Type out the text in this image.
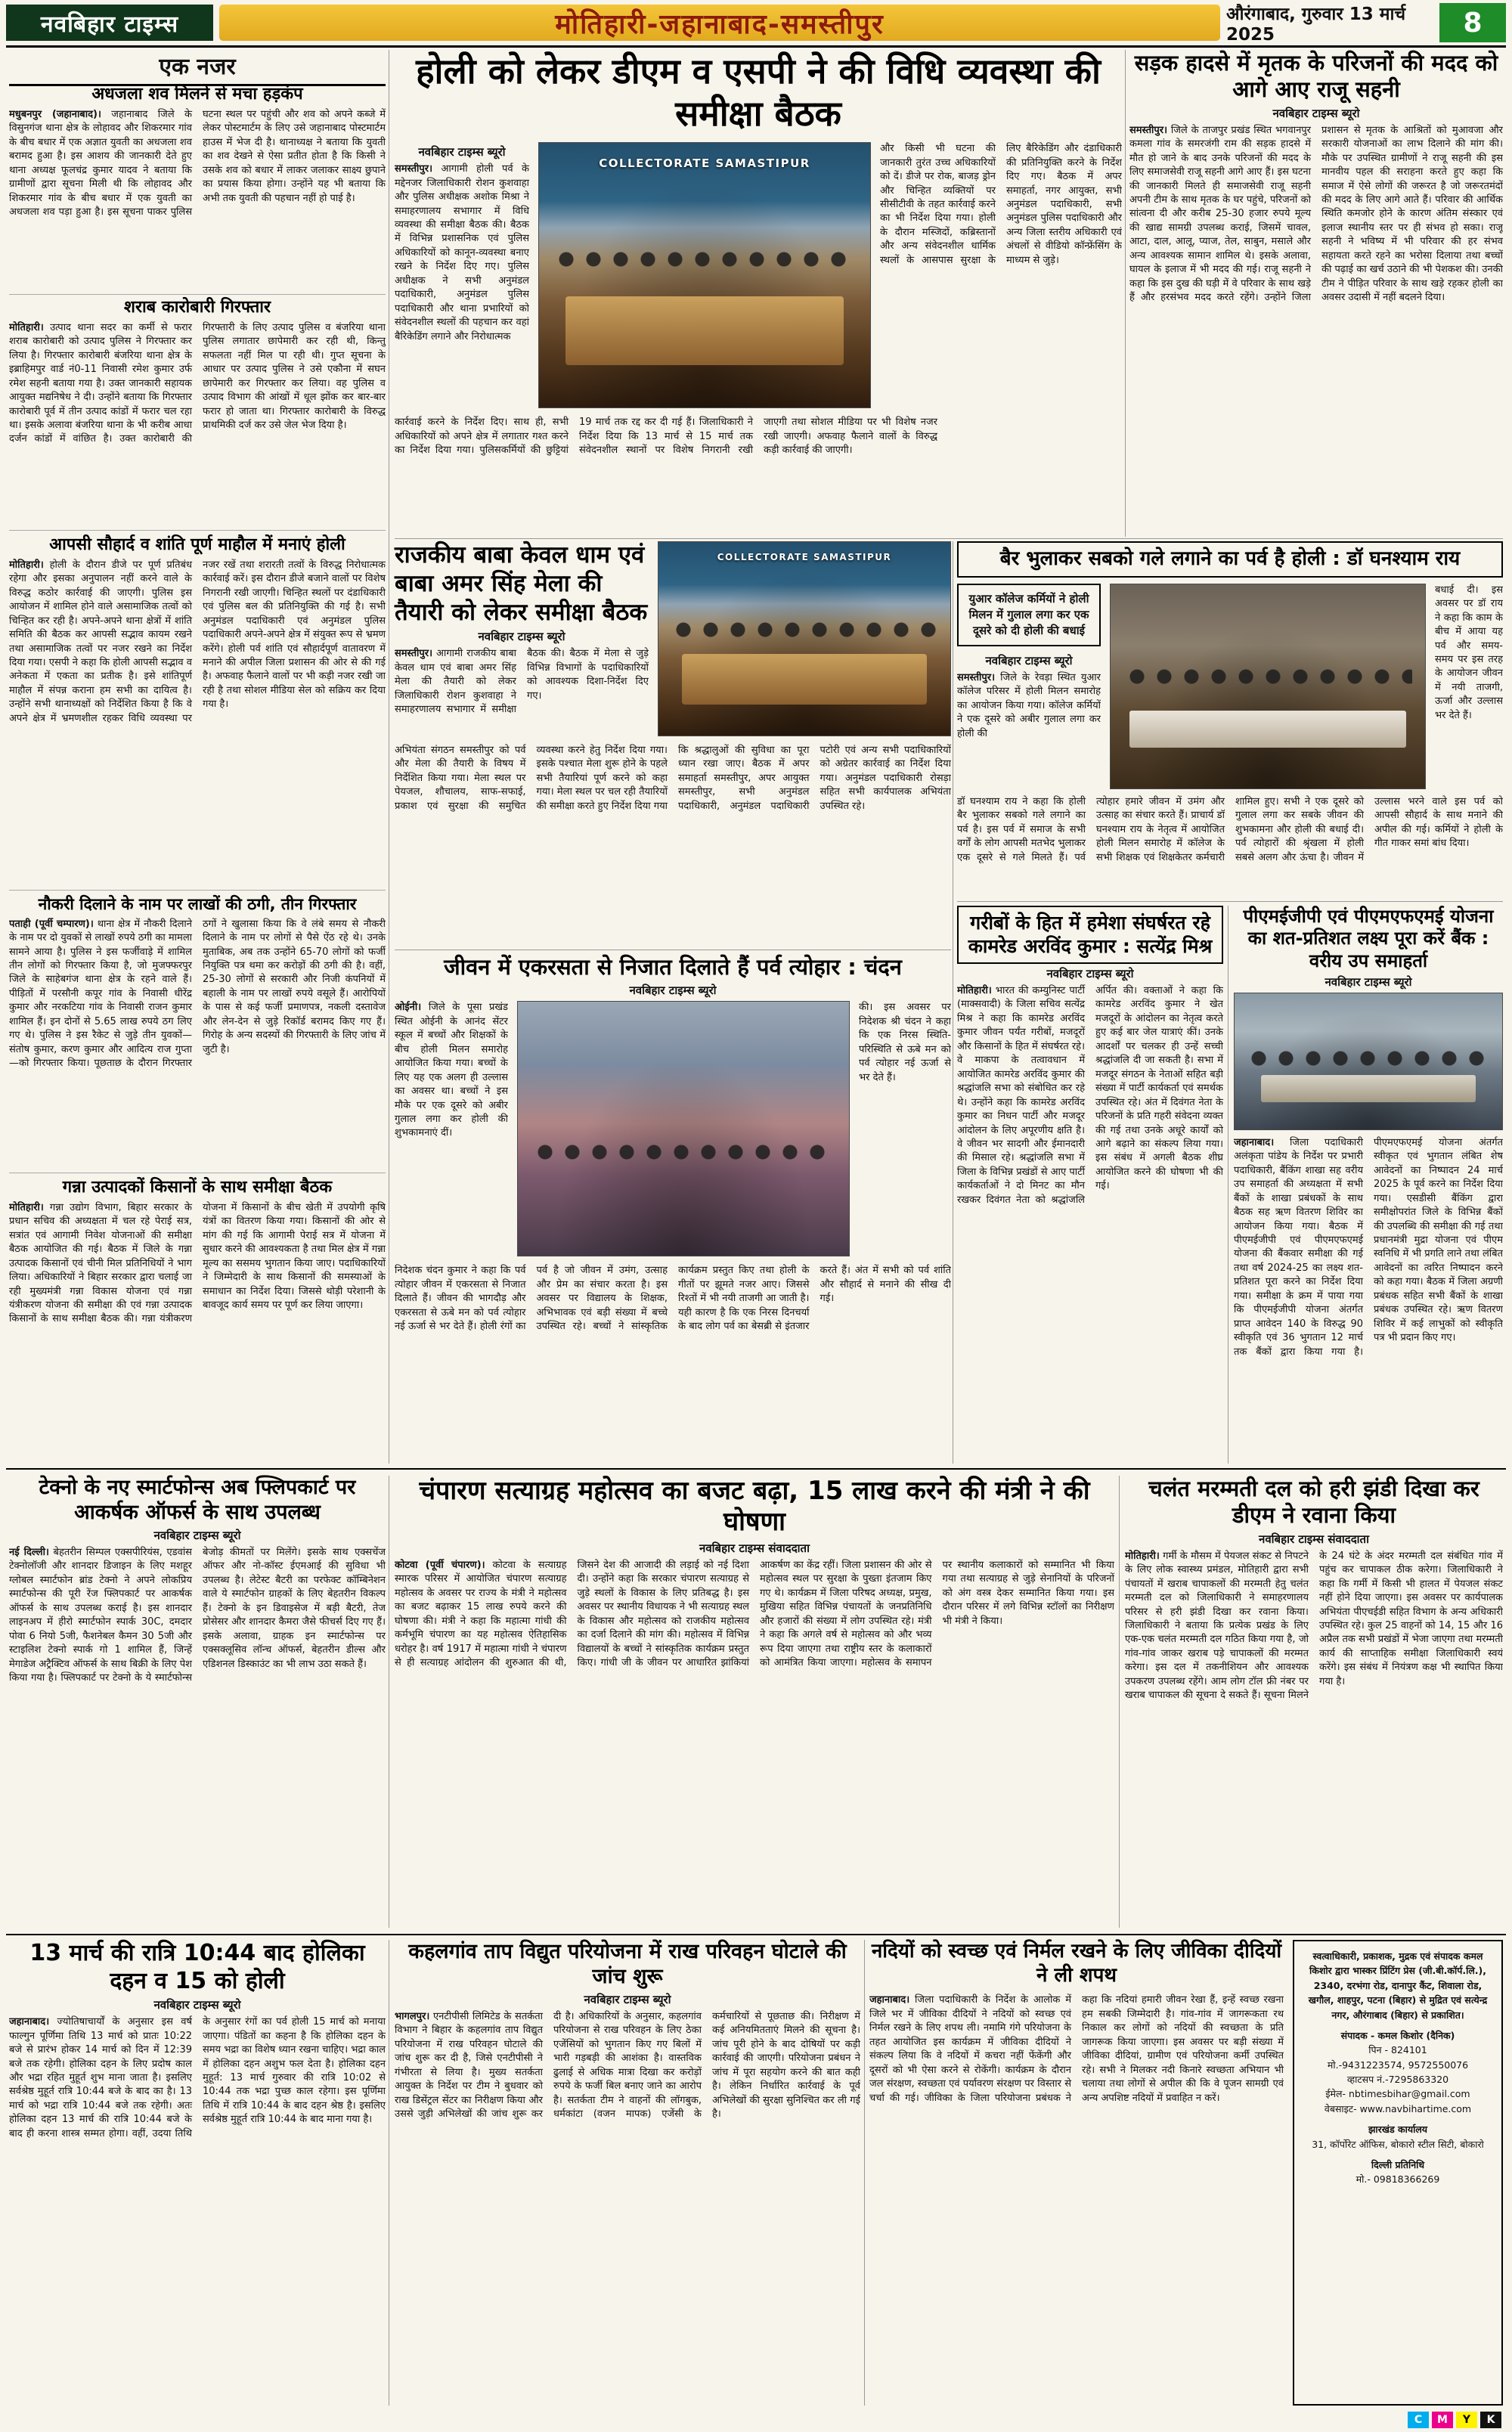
नवबिहार टाइम्स	मोतिहारी-जहानाबाद-समस्तीपुर	औरंगाबाद, गुरुवार 13 मार्च 2025	8
एक नजर
अधजला शव मिलने से मचा हड़कंप
मधुबनपुर (जहानाबाद)। जहानाबाद जिले के विसुनगंज थाना क्षेत्र के लोहावद और शिकरमार गांव के बीच बधार में एक अज्ञात युवती का अधजला शव बरामद हुआ है। इस आशय की जानकारी देते हुए थाना अध्यक्ष फूलचंद्र कुमार यादव ने बताया कि ग्रामीणों द्वारा सूचना मिली थी कि लोहावद और शिकरमार गांव के बीच बधार में एक युवती का अधजला शव पड़ा हुआ है। इस सूचना पाकर पुलिस घटना स्थल पर पहुंची और शव को अपने कब्जे में लेकर पोस्टमार्टम के लिए उसे जहानाबाद पोस्टमार्टम हाउस में भेज दी है। थानाध्यक्ष ने बताया कि युवती का शव देखने से ऐसा प्रतीत होता है कि किसी ने उसके शव को बधार में लाकर जलाकर साक्ष्य छुपाने का प्रयास किया होगा। उन्होंने यह भी बताया कि अभी तक युवती की पहचान नहीं हो पाई है।
शराब कारोबारी गिरफ्तार
मोतिहारी। उत्पाद थाना सदर का कर्मी से फरार शराब कारोबारी को उत्पाद पुलिस ने गिरफ्तार कर लिया है। गिरफ्तार कारोबारी बंजरिया थाना क्षेत्र के इब्राहिमपुर वार्ड नं0-11 निवासी रमेश कुमार उर्फ रमेश सहनी बताया गया है। उक्त जानकारी सहायक आयुक्त मद्यनिषेध ने दी। उन्होंने बताया कि गिरफ्तार कारोबारी पूर्व में तीन उत्पाद कांडों में फरार चल रहा था। इसके अलावा बंजरिया थाना के भी करीब आधा दर्जन कांडों में वांछित है। उक्त कारोबारी की गिरफ्तारी के लिए उत्पाद पुलिस व बंजरिया थाना पुलिस लगातार छापेमारी कर रही थी, किन्तु सफलता नहीं मिल पा रही थी। गुप्त सूचना के आधार पर उत्पाद पुलिस ने उसे एकौना में सघन छापेमारी कर गिरफ्तार कर लिया। वह पुलिस व उत्पाद विभाग की आंखों में धूल झोंक कर बार-बार फरार हो जाता था। गिरफ्तार कारोबारी के विरुद्ध प्राथमिकी दर्ज कर उसे जेल भेज दिया है।
आपसी सौहार्द व शांति पूर्ण माहौल में मनाएं होली
मोतिहारी। होली के दौरान डीजे पर पूर्ण प्रतिबंध रहेगा और इसका अनुपालन नहीं करने वाले के विरुद्ध कठोर कार्रवाई की जाएगी। पुलिस इस आयोजन में शामिल होने वाले असामाजिक तत्वों को चिन्हित कर रही है। अपने-अपने थाना क्षेत्रों में शांति समिति की बैठक कर आपसी सद्भाव कायम रखने तथा असामाजिक तत्वों पर नजर रखने का निर्देश दिया गया। एसपी ने कहा कि होली आपसी सद्भाव व अनेकता में एकता का प्रतीक है। इसे शांतिपूर्ण माहौल में संपन्न कराना हम सभी का दायित्व है। उन्होंने सभी थानाध्यक्षों को निर्देशित किया है कि वे अपने क्षेत्र में भ्रमणशील रहकर विधि व्यवस्था पर नजर रखें तथा शरारती तत्वों के विरुद्ध निरोधात्मक कार्रवाई करें। इस दौरान डीजे बजाने वालों पर विशेष निगरानी रखी जाएगी। चिन्हित स्थलों पर दंडाधिकारी एवं पुलिस बल की प्रतिनियुक्ति की गई है। सभी अनुमंडल पदाधिकारी एवं अनुमंडल पुलिस पदाधिकारी अपने-अपने क्षेत्र में संयुक्त रूप से भ्रमण करेंगे। होली पर्व शांति एवं सौहार्दपूर्ण वातावरण में मनाने की अपील जिला प्रशासन की ओर से की गई है। अफवाह फैलाने वालों पर भी कड़ी नजर रखी जा रही है तथा सोशल मीडिया सेल को सक्रिय कर दिया गया है।
नौकरी दिलाने के नाम पर लाखों की ठगी, तीन गिरफ्तार
पताही (पूर्वी चम्पारण)। थाना क्षेत्र में नौकरी दिलाने के नाम पर दो युवकों से लाखों रुपये ठगी का मामला सामने आया है। पुलिस ने इस फर्जीवाड़े में शामिल तीन लोगों को गिरफ्तार किया है, जो मुजफ्फरपुर जिले के साहेबगंज थाना क्षेत्र के रहने वाले हैं। पीड़ितों में परसौनी कपूर गांव के निवासी धीरेंद्र कुमार और नरकटिया गांव के निवासी राजन कुमार शामिल हैं। इन दोनों से 5.65 लाख रुपये ठग लिए गए थे। पुलिस ने इस रैकेट से जुड़े तीन युवकों—संतोष कुमार, करण कुमार और आदित्य राज गुप्ता—को गिरफ्तार किया। पूछताछ के दौरान गिरफ्तार ठगों ने खुलासा किया कि वे लंबे समय से नौकरी दिलाने के नाम पर लोगों से पैसे ऐंठ रहे थे। उनके मुताबिक, अब तक उन्होंने 65-70 लोगों को फर्जी नियुक्ति पत्र थमा कर करोड़ों की ठगी की है। वहीं, 25-30 लोगों से सरकारी और निजी कंपनियों में बहाली के नाम पर लाखों रुपये वसूले हैं। आरोपियों के पास से कई फर्जी प्रमाणपत्र, नकली दस्तावेज और लेन-देन से जुड़े रिकॉर्ड बरामद किए गए हैं। गिरोह के अन्य सदस्यों की गिरफ्तारी के लिए जांच में जुटी है।
गन्ना उत्पादकों किसानों के साथ समीक्षा बैठक
मोतिहारी। गन्ना उद्योग विभाग, बिहार सरकार के प्रधान सचिव की अध्यक्षता में चल रहे पेराई सत्र, सत्रांत एवं आगामी निवेश योजनाओं की समीक्षा बैठक आयोजित की गई। बैठक में जिले के गन्ना उत्पादक किसानों एवं चीनी मिल प्रतिनिधियों ने भाग लिया। अधिकारियों ने बिहार सरकार द्वारा चलाई जा रही मुख्यमंत्री गन्ना विकास योजना एवं गन्ना यंत्रीकरण योजना की समीक्षा की एवं गन्ना उत्पादक किसानों के साथ समीक्षा बैठक की। गन्ना यंत्रीकरण योजना में किसानों के बीच खेती में उपयोगी कृषि यंत्रों का वितरण किया गया। किसानों की ओर से मांग की गई कि आगामी पेराई सत्र में योजना में सुधार करने की आवश्यकता है तथा मिल क्षेत्र में गन्ना मूल्य का ससमय भुगतान किया जाए। पदाधिकारियों ने जिम्मेदारी के साथ किसानों की समस्याओं के समाधान का निर्देश दिया। जिससे थोड़ी परेशानी के बावजूद कार्य समय पर पूर्ण कर लिया जाएगा।
होली को लेकर डीएम व एसपी ने की विधि व्यवस्था की समीक्षा बैठक
नवबिहार टाइम्स ब्यूरो
समस्तीपुर। आगामी होली पर्व के मद्देनजर जिलाधिकारी रोशन कुशवाहा और पुलिस अधीक्षक अशोक मिश्रा ने समाहरणालय सभागार में विधि व्यवस्था की समीक्षा बैठक की। बैठक में विभिन्न प्रशासनिक एवं पुलिस अधिकारियों को कानून-व्यवस्था बनाए रखने के निर्देश दिए गए। पुलिस अधीक्षक ने सभी अनुमंडल पदाधिकारी, अनुमंडल पुलिस पदाधिकारी और थाना प्रभारियों को संवेदनशील स्थलों की पहचान कर वहां बैरिकेडिंग लगाने और निरोधात्मक
COLLECTORATE SAMASTIPUR
और किसी भी घटना की जानकारी तुरंत उच्च अधिकारियों को दें। डीजे पर रोक, बाजड़ ड्रोन और चिन्हित व्यक्तियों पर सीसीटीवी के तहत कार्रवाई करने का भी निर्देश दिया गया। होली के दौरान मस्जिदों, कब्रिस्तानों और अन्य संवेदनशील धार्मिक स्थलों के आसपास सुरक्षा के लिए बैरिकेडिंग और दंडाधिकारी की प्रतिनियुक्ति करने के निर्देश दिए गए। बैठक में अपर समाहर्ता, नगर आयुक्त, सभी अनुमंडल पदाधिकारी, सभी अनुमंडल पुलिस पदाधिकारी और अन्य जिला स्तरीय अधिकारी एवं अंचलों से वीडियो कॉन्फ्रेंसिंग के माध्यम से जुड़े।
कार्रवाई करने के निर्देश दिए। साथ ही, सभी अधिकारियों को अपने क्षेत्र में लगातार गश्त करने का निर्देश दिया गया। पुलिसकर्मियों की छुट्टियां 19 मार्च तक रद्द कर दी गई हैं। जिलाधिकारी ने निर्देश दिया कि 13 मार्च से 15 मार्च तक संवेदनशील स्थानों पर विशेष निगरानी रखी जाएगी तथा सोशल मीडिया पर भी विशेष नजर रखी जाएगी। अफवाह फैलाने वालों के विरुद्ध कड़ी कार्रवाई की जाएगी।
सड़क हादसे में मृतक के परिजनों की मदद को आगे आए राजू सहनी
नवबिहार टाइम्स ब्यूरो
समस्तीपुर। जिले के ताजपुर प्रखंड स्थित भगवानपुर कमला गांव के समरजंगी राम की सड़क हादसे में मौत हो जाने के बाद उनके परिजनों की मदद के लिए समाजसेवी राजू सहनी आगे आए हैं। इस घटना की जानकारी मिलते ही समाजसेवी राजू सहनी अपनी टीम के साथ मृतक के घर पहुंचे, परिजनों को सांत्वना दी और करीब 25-30 हजार रुपये मूल्य की खाद्य सामग्री उपलब्ध कराई, जिसमें चावल, आटा, दाल, आलू, प्याज, तेल, साबुन, मसाले और अन्य आवश्यक सामान शामिल थे। इसके अलावा, घायल के इलाज में भी मदद की गई। राजू सहनी ने कहा कि इस दुख की घड़ी में वे परिवार के साथ खड़े हैं और हरसंभव मदद करते रहेंगे। उन्होंने जिला प्रशासन से मृतक के आश्रितों को मुआवजा और सरकारी योजनाओं का लाभ दिलाने की मांग की। मौके पर उपस्थित ग्रामीणों ने राजू सहनी की इस मानवीय पहल की सराहना करते हुए कहा कि समाज में ऐसे लोगों की जरूरत है जो जरूरतमंदों की मदद के लिए आगे आते हैं। परिवार की आर्थिक स्थिति कमजोर होने के कारण अंतिम संस्कार एवं इलाज स्थानीय स्तर पर ही संभव हो सका। राजू सहनी ने भविष्य में भी परिवार की हर संभव सहायता करते रहने का भरोसा दिलाया तथा बच्चों की पढ़ाई का खर्च उठाने की भी पेशकश की। उनकी टीम ने पीड़ित परिवार के साथ खड़े रहकर होली का अवसर उदासी में नहीं बदलने दिया।
राजकीय बाबा केवल धाम एवं बाबा अमर सिंह मेला की तैयारी को लेकर समीक्षा बैठक
नवबिहार टाइम्स ब्यूरो
समस्तीपुर। आगामी राजकीय बाबा केवल धाम एवं बाबा अमर सिंह मेला की तैयारी को लेकर जिलाधिकारी रोशन कुशवाहा ने समाहरणालय सभागार में समीक्षा बैठक की। बैठक में मेला से जुड़े विभिन्न विभागों के पदाधिकारियों को आवश्यक दिशा-निर्देश दिए गए।
COLLECTORATE SAMASTIPUR
अभियंता संगठन समस्तीपुर को पर्व और मेला की तैयारी के विषय में निर्देशित किया गया। मेला स्थल पर पेयजल, शौचालय, साफ-सफाई, प्रकाश एवं सुरक्षा की समुचित व्यवस्था करने हेतु निर्देश दिया गया। इसके पश्चात मेला शुरू होने के पहले सभी तैयारियां पूर्ण करने को कहा गया। मेला स्थल पर चल रही तैयारियों की समीक्षा करते हुए निर्देश दिया गया कि श्रद्धालुओं की सुविधा का पूरा ध्यान रखा जाए। बैठक में अपर समाहर्ता समस्तीपुर, अपर आयुक्त समस्तीपुर, सभी अनुमंडल पदाधिकारी, अनुमंडल पदाधिकारी पटोरी एवं अन्य सभी पदाधिकारियों को अग्रेतर कार्रवाई का निर्देश दिया गया। अनुमंडल पदाधिकारी रोसड़ा सहित सभी कार्यपालक अभियंता उपस्थित रहे।
बैर भुलाकर सबको गले लगाने का पर्व है होली : डॉ घनश्याम राय
युआर कॉलेज कर्मियों ने होली मिलन में गुलाल लगा कर एक दूसरे को दी होली की बधाई
नवबिहार टाइम्स ब्यूरो
समस्तीपुर। जिले के रेवड़ा स्थित युआर कॉलेज परिसर में होली मिलन समारोह का आयोजन किया गया। कॉलेज कर्मियों ने एक दूसरे को अबीर गुलाल लगा कर होली की
बधाई दी। इस अवसर पर डॉ राय ने कहा कि काम के बीच में आया यह पर्व और समय-समय पर इस तरह के आयोजन जीवन में नयी ताजगी, ऊर्जा और उल्लास भर देते हैं।
डॉ घनश्याम राय ने कहा कि होली बैर भुलाकर सबको गले लगाने का पर्व है। इस पर्व में समाज के सभी वर्गों के लोग आपसी मतभेद भुलाकर एक दूसरे से गले मिलते हैं। पर्व त्योहार हमारे जीवन में उमंग और उत्साह का संचार करते हैं। प्राचार्य डॉ घनश्याम राय के नेतृत्व में आयोजित होली मिलन समारोह में कॉलेज के सभी शिक्षक एवं शिक्षकेतर कर्मचारी शामिल हुए। सभी ने एक दूसरे को गुलाल लगा कर सबके जीवन की शुभकामना और होली की बधाई दी। पर्व त्योहारों की श्रृंखला में होली सबसे अलग और ऊंचा है। जीवन में उल्लास भरने वाले इस पर्व को आपसी सौहार्द के साथ मनाने की अपील की गई। कर्मियों ने होली के गीत गाकर समां बांध दिया।
जीवन में एकरसता से निजात दिलाते हैं पर्व त्योहार : चंदन
नवबिहार टाइम्स ब्यूरो
ओईनी। जिले के पूसा प्रखंड स्थित ओईनी के आनंद सेंटर स्कूल में बच्चों और शिक्षकों के बीच होली मिलन समारोह आयोजित किया गया। बच्चों के लिए यह एक अलग ही उल्लास का अवसर था। बच्चों ने इस मौके पर एक दूसरे को अबीर गुलाल लगा कर होली की शुभकामनाएं दीं।
की। इस अवसर पर निदेशक श्री चंदन ने कहा कि एक निरस स्थिति-परिस्थिति से ऊबे मन को पर्व त्योहार नई ऊर्जा से भर देते हैं।
निदेशक चंदन कुमार ने कहा कि पर्व त्योहार जीवन में एकरसता से निजात दिलाते हैं। जीवन की भागदौड़ और एकरसता से ऊबे मन को पर्व त्योहार नई ऊर्जा से भर देते हैं। होली रंगों का पर्व है जो जीवन में उमंग, उत्साह और प्रेम का संचार करता है। इस अवसर पर विद्यालय के शिक्षक, अभिभावक एवं बड़ी संख्या में बच्चे उपस्थित रहे। बच्चों ने सांस्कृतिक कार्यक्रम प्रस्तुत किए तथा होली के गीतों पर झूमते नजर आए। जिससे रिश्तों में भी नयी ताजगी आ जाती है। यही कारण है कि एक निरस दिनचर्या के बाद लोग पर्व का बेसब्री से इंतजार करते हैं। अंत में सभी को पर्व शांति और सौहार्द से मनाने की सीख दी गई।
गरीबों के हित में हमेशा संघर्षरत रहे कामरेड अरविंद कुमार : सत्येंद्र मिश्र
नवबिहार टाइम्स ब्यूरो
मोतिहारी। भारत की कम्युनिस्ट पार्टी (माक्सवादी) के जिला सचिव सत्येंद्र मिश्र ने कहा कि कामरेड अरविंद कुमार जीवन पर्यंत गरीबों, मजदूरों और किसानों के हित में संघर्षरत रहे। वे माकपा के तत्वावधान में आयोजित कामरेड अरविंद कुमार की श्रद्धांजलि सभा को संबोधित कर रहे थे। उन्होंने कहा कि कामरेड अरविंद कुमार का निधन पार्टी और मजदूर आंदोलन के लिए अपूरणीय क्षति है। वे जीवन भर सादगी और ईमानदारी की मिसाल रहे। श्रद्धांजलि सभा में जिला के विभिन्न प्रखंडों से आए पार्टी कार्यकर्ताओं ने दो मिनट का मौन रखकर दिवंगत नेता को श्रद्धांजलि अर्पित की। वक्ताओं ने कहा कि कामरेड अरविंद कुमार ने खेत मजदूरों के आंदोलन का नेतृत्व करते हुए कई बार जेल यात्राएं कीं। उनके आदर्शों पर चलकर ही उन्हें सच्ची श्रद्धांजलि दी जा सकती है। सभा में मजदूर संगठन के नेताओं सहित बड़ी संख्या में पार्टी कार्यकर्ता एवं समर्थक उपस्थित रहे। अंत में दिवंगत नेता के परिजनों के प्रति गहरी संवेदना व्यक्त की गई तथा उनके अधूरे कार्यों को आगे बढ़ाने का संकल्प लिया गया। इस संबंध में अगली बैठक शीघ्र आयोजित करने की घोषणा भी की गई।
पीएमईजीपी एवं पीएमएफएमई योजना का शत-प्रतिशत लक्ष्य पूरा करें बैंक : वरीय उप समाहर्ता
नवबिहार टाइम्स ब्यूरो
जहानाबाद। जिला पदाधिकारी अलंकृता पांडेय के निर्देश पर प्रभारी पदाधिकारी, बैंकिंग शाखा सह वरीय उप समाहर्ता की अध्यक्षता में सभी बैंकों के शाखा प्रबंधकों के साथ बैठक सह ऋण वितरण शिविर का आयोजन किया गया। बैठक में पीएमईजीपी एवं पीएमएफएमई योजना की बैंकवार समीक्षा की गई तथा वर्ष 2024-25 का लक्ष्य शत-प्रतिशत पूरा करने का निर्देश दिया गया। समीक्षा के क्रम में पाया गया कि पीएमईजीपी योजना अंतर्गत प्राप्त आवेदन 140 के विरुद्ध 90 स्वीकृति एवं 36 भुगतान 12 मार्च तक बैंकों द्वारा किया गया है। पीएमएफएमई योजना अंतर्गत स्वीकृत एवं भुगतान लंबित शेष आवेदनों का निष्पादन 24 मार्च 2025 के पूर्व करने का निर्देश दिया गया। एसडीसी बैंकिंग द्वारा समीक्षोपरांत जिले के विभिन्न बैंकों की उपलब्धि की समीक्षा की गई तथा प्रधानमंत्री मुद्रा योजना एवं पीएम स्वनिधि में भी प्रगति लाने तथा लंबित आवेदनों का त्वरित निष्पादन करने को कहा गया। बैठक में जिला अग्रणी प्रबंधक सहित सभी बैंकों के शाखा प्रबंधक उपस्थित रहे। ऋण वितरण शिविर में कई लाभुकों को स्वीकृति पत्र भी प्रदान किए गए।
टेक्नो के नए स्मार्टफोन्स अब फ्लिपकार्ट पर आकर्षक ऑफर्स के साथ उपलब्ध
नवबिहार टाइम्स ब्यूरो
नई दिल्ली। बेहतरीन सिम्पल एक्सपीरियंस, एडवांस टेक्नोलॉजी और शानदार डिजाइन के लिए मशहूर ग्लोबल स्मार्टफोन ब्रांड टेक्नो ने अपने लोकप्रिय स्मार्टफोन्स की पूरी रेंज फ्लिपकार्ट पर आकर्षक ऑफर्स के साथ उपलब्ध कराई है। इस शानदार लाइनअप में हीरो स्मार्टफोन स्पार्क 30C, दमदार पोवा 6 नियो 5जी, फैशनेबल कैमन 30 5जी और स्टाइलिश टेक्नो स्पार्क गो 1 शामिल हैं, जिन्हें मेगाडेज अट्रैक्टिव ऑफर्स के साथ बिक्री के लिए पेश किया गया है। फ्लिपकार्ट पर टेक्नो के ये स्मार्टफोन्स बेजोड़ कीमतों पर मिलेंगे। इसके साथ एक्सचेंज ऑफर और नो-कॉस्ट ईएमआई की सुविधा भी उपलब्ध है। लेटेस्ट बैटरी का परफेक्ट कॉम्बिनेशन वाले ये स्मार्टफोन ग्राहकों के लिए बेहतरीन विकल्प हैं। टेक्नो के इन डिवाइसेज में बड़ी बैटरी, तेज प्रोसेसर और शानदार कैमरा जैसे फीचर्स दिए गए हैं। इसके अलावा, ग्राहक इन स्मार्टफोन्स पर एक्सक्लूसिव लॉन्च ऑफर्स, बेहतरीन डील्स और एडिशनल डिस्काउंट का भी लाभ उठा सकते हैं।
चंपारण सत्याग्रह महोत्सव का बजट बढ़ा, 15 लाख करने की मंत्री ने की घोषणा
नवबिहार टाइम्स संवाददाता
कोटवा (पूर्वी चंपारण)। कोटवा के सत्याग्रह स्मारक परिसर में आयोजित चंपारण सत्याग्रह महोत्सव के अवसर पर राज्य के मंत्री ने महोत्सव का बजट बढ़ाकर 15 लाख रुपये करने की घोषणा की। मंत्री ने कहा कि महात्मा गांधी की कर्मभूमि चंपारण का यह महोत्सव ऐतिहासिक धरोहर है। वर्ष 1917 में महात्मा गांधी ने चंपारण से ही सत्याग्रह आंदोलन की शुरुआत की थी, जिसने देश की आजादी की लड़ाई को नई दिशा दी। उन्होंने कहा कि सरकार चंपारण सत्याग्रह से जुड़े स्थलों के विकास के लिए प्रतिबद्ध है। इस अवसर पर स्थानीय विधायक ने भी सत्याग्रह स्थल के विकास और महोत्सव को राजकीय महोत्सव का दर्जा दिलाने की मांग की। महोत्सव में विभिन्न विद्यालयों के बच्चों ने सांस्कृतिक कार्यक्रम प्रस्तुत किए। गांधी जी के जीवन पर आधारित झांकियां आकर्षण का केंद्र रहीं। जिला प्रशासन की ओर से महोत्सव स्थल पर सुरक्षा के पुख्ता इंतजाम किए गए थे। कार्यक्रम में जिला परिषद अध्यक्ष, प्रमुख, मुखिया सहित विभिन्न पंचायतों के जनप्रतिनिधि और हजारों की संख्या में लोग उपस्थित रहे। मंत्री ने कहा कि अगले वर्ष से महोत्सव को और भव्य रूप दिया जाएगा तथा राष्ट्रीय स्तर के कलाकारों को आमंत्रित किया जाएगा। महोत्सव के समापन पर स्थानीय कलाकारों को सम्मानित भी किया गया तथा सत्याग्रह से जुड़े सेनानियों के परिजनों को अंग वस्त्र देकर सम्मानित किया गया। इस दौरान परिसर में लगे विभिन्न स्टॉलों का निरीक्षण भी मंत्री ने किया।
चलंत मरम्मती दल को हरी झंडी दिखा कर डीएम ने रवाना किया
नवबिहार टाइम्स संवाददाता
मोतिहारी। गर्मी के मौसम में पेयजल संकट से निपटने के लिए लोक स्वास्थ्य प्रमंडल, मोतिहारी द्वारा सभी पंचायतों में खराब चापाकलों की मरम्मती हेतु चलंत मरम्मती दल को जिलाधिकारी ने समाहरणालय परिसर से हरी झंडी दिखा कर रवाना किया। जिलाधिकारी ने बताया कि प्रत्येक प्रखंड के लिए एक-एक चलंत मरम्मती दल गठित किया गया है, जो गांव-गांव जाकर खराब पड़े चापाकलों की मरम्मत करेगा। इस दल में तकनीशियन और आवश्यक उपकरण उपलब्ध रहेंगे। आम लोग टॉल फ्री नंबर पर खराब चापाकल की सूचना दे सकते हैं। सूचना मिलने के 24 घंटे के अंदर मरम्मती दल संबंधित गांव में पहुंच कर चापाकल ठीक करेगा। जिलाधिकारी ने कहा कि गर्मी में किसी भी हालत में पेयजल संकट नहीं होने दिया जाएगा। इस अवसर पर कार्यपालक अभियंता पीएचईडी सहित विभाग के अन्य अधिकारी उपस्थित रहे। कुल 25 वाहनों को 14, 15 और 16 अप्रैल तक सभी प्रखंडों में भेजा जाएगा तथा मरम्मती कार्य की साप्ताहिक समीक्षा जिलाधिकारी स्वयं करेंगे। इस संबंध में नियंत्रण कक्ष भी स्थापित किया गया है।
13 मार्च की रात्रि 10:44 बाद होलिका दहन व 15 को होली
नवबिहार टाइम्स ब्यूरो
जहानाबाद। ज्योतिषाचार्यों के अनुसार इस वर्ष फाल्गुन पूर्णिमा तिथि 13 मार्च को प्रातः 10:22 बजे से प्रारंभ होकर 14 मार्च को दिन में 12:39 बजे तक रहेगी। होलिका दहन के लिए प्रदोष काल और भद्रा रहित मुहूर्त शुभ माना जाता है। इसलिए सर्वश्रेष्ठ मुहूर्त रात्रि 10:44 बजे के बाद का है। 13 मार्च को भद्रा रात्रि 10:44 बजे तक रहेगी। अतः होलिका दहन 13 मार्च की रात्रि 10:44 बजे के बाद ही करना शास्त्र सम्मत होगा। वहीं, उदया तिथि के अनुसार रंगों का पर्व होली 15 मार्च को मनाया जाएगा। पंडितों का कहना है कि होलिका दहन के समय भद्रा का विशेष ध्यान रखना चाहिए। भद्रा काल में होलिका दहन अशुभ फल देता है। होलिका दहन मुहूर्त: 13 मार्च गुरुवार की रात्रि 10:02 से 10:44 तक भद्रा पुच्छ काल रहेगा। इस पूर्णिमा तिथि में रात्रि 10:44 के बाद दहन श्रेष्ठ है। इसलिए सर्वश्रेष्ठ मुहूर्त रात्रि 10:44 के बाद माना गया है।
कहलगांव ताप विद्युत परियोजना में राख परिवहन घोटाले की जांच शुरू
नवबिहार टाइम्स ब्यूरो
भागलपुर। एनटीपीसी लिमिटेड के सतर्कता विभाग ने बिहार के कहलगांव ताप विद्युत परियोजना में राख परिवहन घोटाले की जांच शुरू कर दी है, जिसे एनटीपीसी ने गंभीरता से लिया है। मुख्य सतर्कता आयुक्त के निर्देश पर टीम ने बुधवार को राख डिसेंट्रल सेंटर का निरीक्षण किया और उससे जुड़ी अभिलेखों की जांच शुरू कर दी है। अधिकारियों के अनुसार, कहलगांव परियोजना से राख परिवहन के लिए ठेका एजेंसियों को भुगतान किए गए बिलों में भारी गड़बड़ी की आशंका है। वास्तविक ढुलाई से अधिक मात्रा दिखा कर करोड़ों रुपये के फर्जी बिल बनाए जाने का आरोप है। सतर्कता टीम ने वाहनों की लॉगबुक, धर्मकांटा (वजन मापक) एजेंसी के कर्मचारियों से पूछताछ की। निरीक्षण में कई अनियमितताएं मिलने की सूचना है। जांच पूरी होने के बाद दोषियों पर कड़ी कार्रवाई की जाएगी। परियोजना प्रबंधन ने जांच में पूरा सहयोग करने की बात कही है। लेकिन निर्धारित कार्रवाई के पूर्व अभिलेखों की सुरक्षा सुनिश्चित कर ली गई है।
नदियों को स्वच्छ एवं निर्मल रखने के लिए जीविका दीदियों ने ली शपथ
जहानाबाद। जिला पदाधिकारी के निर्देश के आलोक में जिले भर में जीविका दीदियों ने नदियों को स्वच्छ एवं निर्मल रखने के लिए शपथ ली। नमामि गंगे परियोजना के तहत आयोजित इस कार्यक्रम में जीविका दीदियों ने संकल्प लिया कि वे नदियों में कचरा नहीं फेंकेंगी और दूसरों को भी ऐसा करने से रोकेंगी। कार्यक्रम के दौरान जल संरक्षण, स्वच्छता एवं पर्यावरण संरक्षण पर विस्तार से चर्चा की गई। जीविका के जिला परियोजना प्रबंधक ने कहा कि नदियां हमारी जीवन रेखा हैं, इन्हें स्वच्छ रखना हम सबकी जिम्मेदारी है। गांव-गांव में जागरूकता रथ निकाल कर लोगों को नदियों की स्वच्छता के प्रति जागरूक किया जाएगा। इस अवसर पर बड़ी संख्या में जीविका दीदियां, ग्रामीण एवं परियोजना कर्मी उपस्थित रहे। सभी ने मिलकर नदी किनारे स्वच्छता अभियान भी चलाया तथा लोगों से अपील की कि वे पूजन सामग्री एवं अन्य अपशिष्ट नदियों में प्रवाहित न करें।
स्वत्वाधिकारी, प्रकाशक, मुद्रक एवं संपादक कमल किशोर द्वारा भास्कर प्रिंटिंग प्रेस (जी.बी.कॉर्प.लि.), 2340, दरभंगा रोड, दानापुर कैंट, शिवाला रोड, खगौल, शाहपुर, पटना (बिहार) से मुद्रित एवं सत्येन्द्र नगर, औरंगाबाद (बिहार) से प्रकाशित।
संपादक - कमल किशोर (दैनिक)
पिन - 824101
मो.-9431223574, 9572550076
व्हाटसप नं.-7295863320
ईमेल- nbtimesbihar@gmail.com
वेबसाइट- www.navbihartime.com
झारखंड कार्यालय
31, कॉर्पोरेट ऑफिस, बोकारो स्टील सिटी, बोकारो
दिल्ली प्रतिनिधि
मो.- 09818366269
C	M	Y	K
